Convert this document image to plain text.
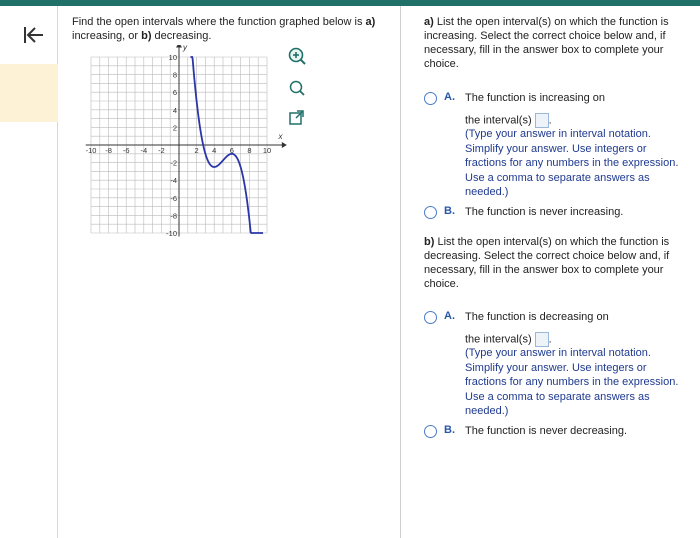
Find the open intervals where the function graphed below is a) increasing, or b) decreasing.
x
y
-10 -8 -6 -4 -2	2 4 6 8 10
10
8
6
4
2
-2
-4
-6
-8
-10
a) List the open interval(s) on which the function is increasing. Select the correct choice below and, if necessary, fill in the answer box to complete your choice.
A. The function is increasing on
the interval(s) .
(Type your answer in interval notation. Simplify your answer. Use integers or fractions for any numbers in the expression. Use a comma to separate answers as needed.)
B. The function is never increasing.
b) List the open interval(s) on which the function is decreasing. Select the correct choice below and, if necessary, fill in the answer box to complete your choice.
A. The function is decreasing on
the interval(s) .
(Type your answer in interval notation. Simplify your answer. Use integers or fractions for any numbers in the expression. Use a comma to separate answers as needed.)
B. The function is never decreasing.
